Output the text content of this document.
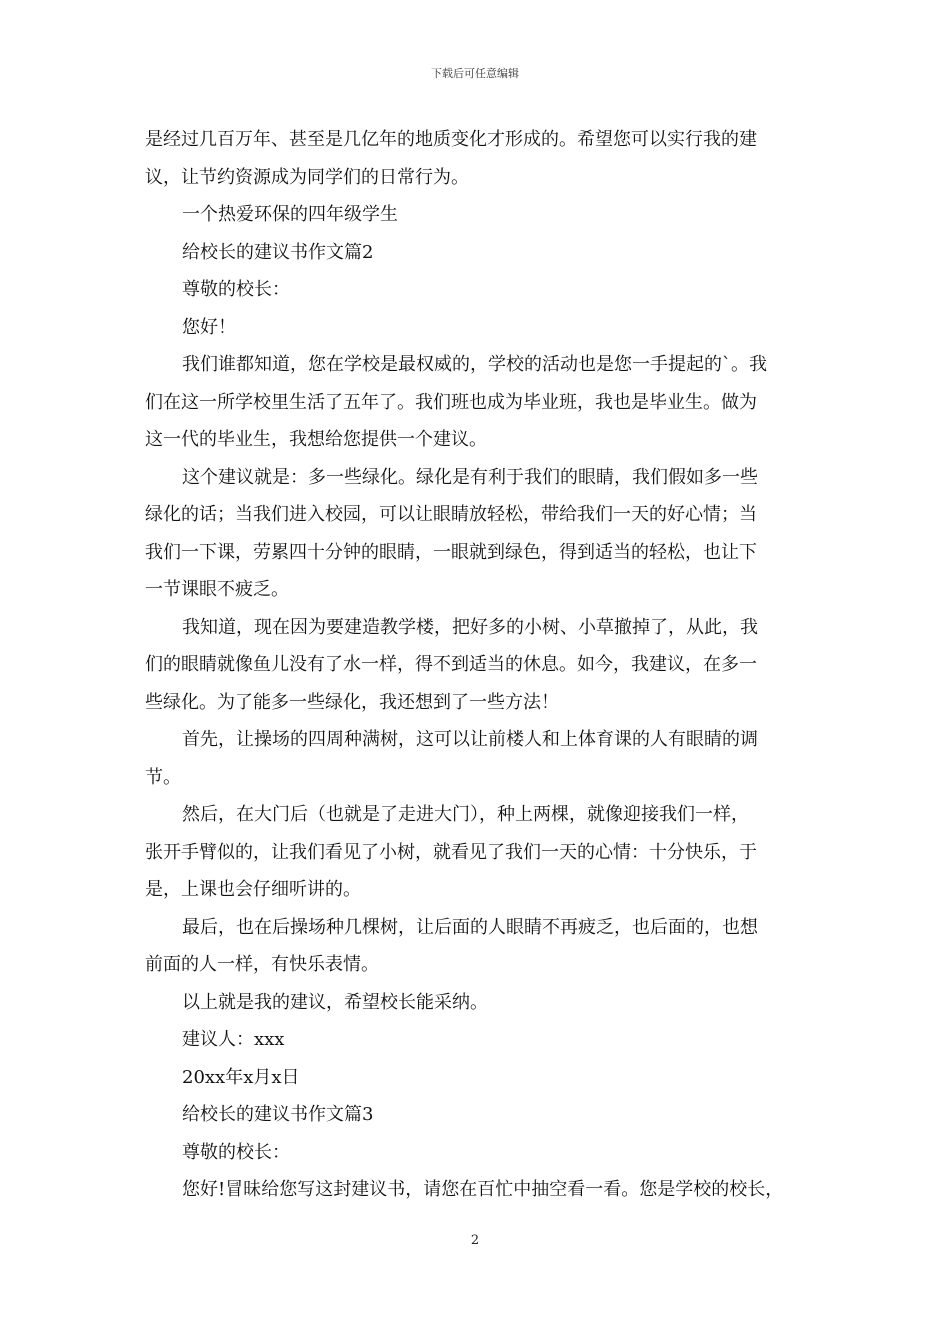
下载后可任意编辑
是经过几百万年、甚至是几亿年的地质变化才形成的。希望您可以实行我的建
议，让节约资源成为同学们的日常行为。
一个热爱环保的四年级学生
给校长的建议书作文篇2
尊敬的校长：
您好！
我们谁都知道，您在学校是最权威的，学校的活动也是您一手提起的`。我
们在这一所学校里生活了五年了。我们班也成为毕业班，我也是毕业生。做为
这一代的毕业生，我想给您提供一个建议。
这个建议就是：多一些绿化。绿化是有利于我们的眼睛，我们假如多一些
绿化的话；当我们进入校园，可以让眼睛放轻松，带给我们一天的好心情；当
我们一下课，劳累四十分钟的眼睛，一眼就到绿色，得到适当的轻松，也让下
一节课眼不疲乏。
我知道，现在因为要建造教学楼，把好多的小树、小草撤掉了，从此，我
们的眼睛就像鱼儿没有了水一样，得不到适当的休息。如今，我建议，在多一
些绿化。为了能多一些绿化，我还想到了一些方法！
首先，让操场的四周种满树，这可以让前楼人和上体育课的人有眼睛的调
节。
然后，在大门后（也就是了走进大门），种上两棵，就像迎接我们一样，
张开手臂似的，让我们看见了小树，就看见了我们一天的心情：十分快乐，于
是，上课也会仔细听讲的。
最后，也在后操场种几棵树，让后面的人眼睛不再疲乏，也后面的，也想
前面的人一样，有快乐表情。
以上就是我的建议，希望校长能采纳。
建议人：xxx
20xx年x月x日
给校长的建议书作文篇3
尊敬的校长：
您好!冒昧给您写这封建议书，请您在百忙中抽空看一看。您是学校的校长，
2
